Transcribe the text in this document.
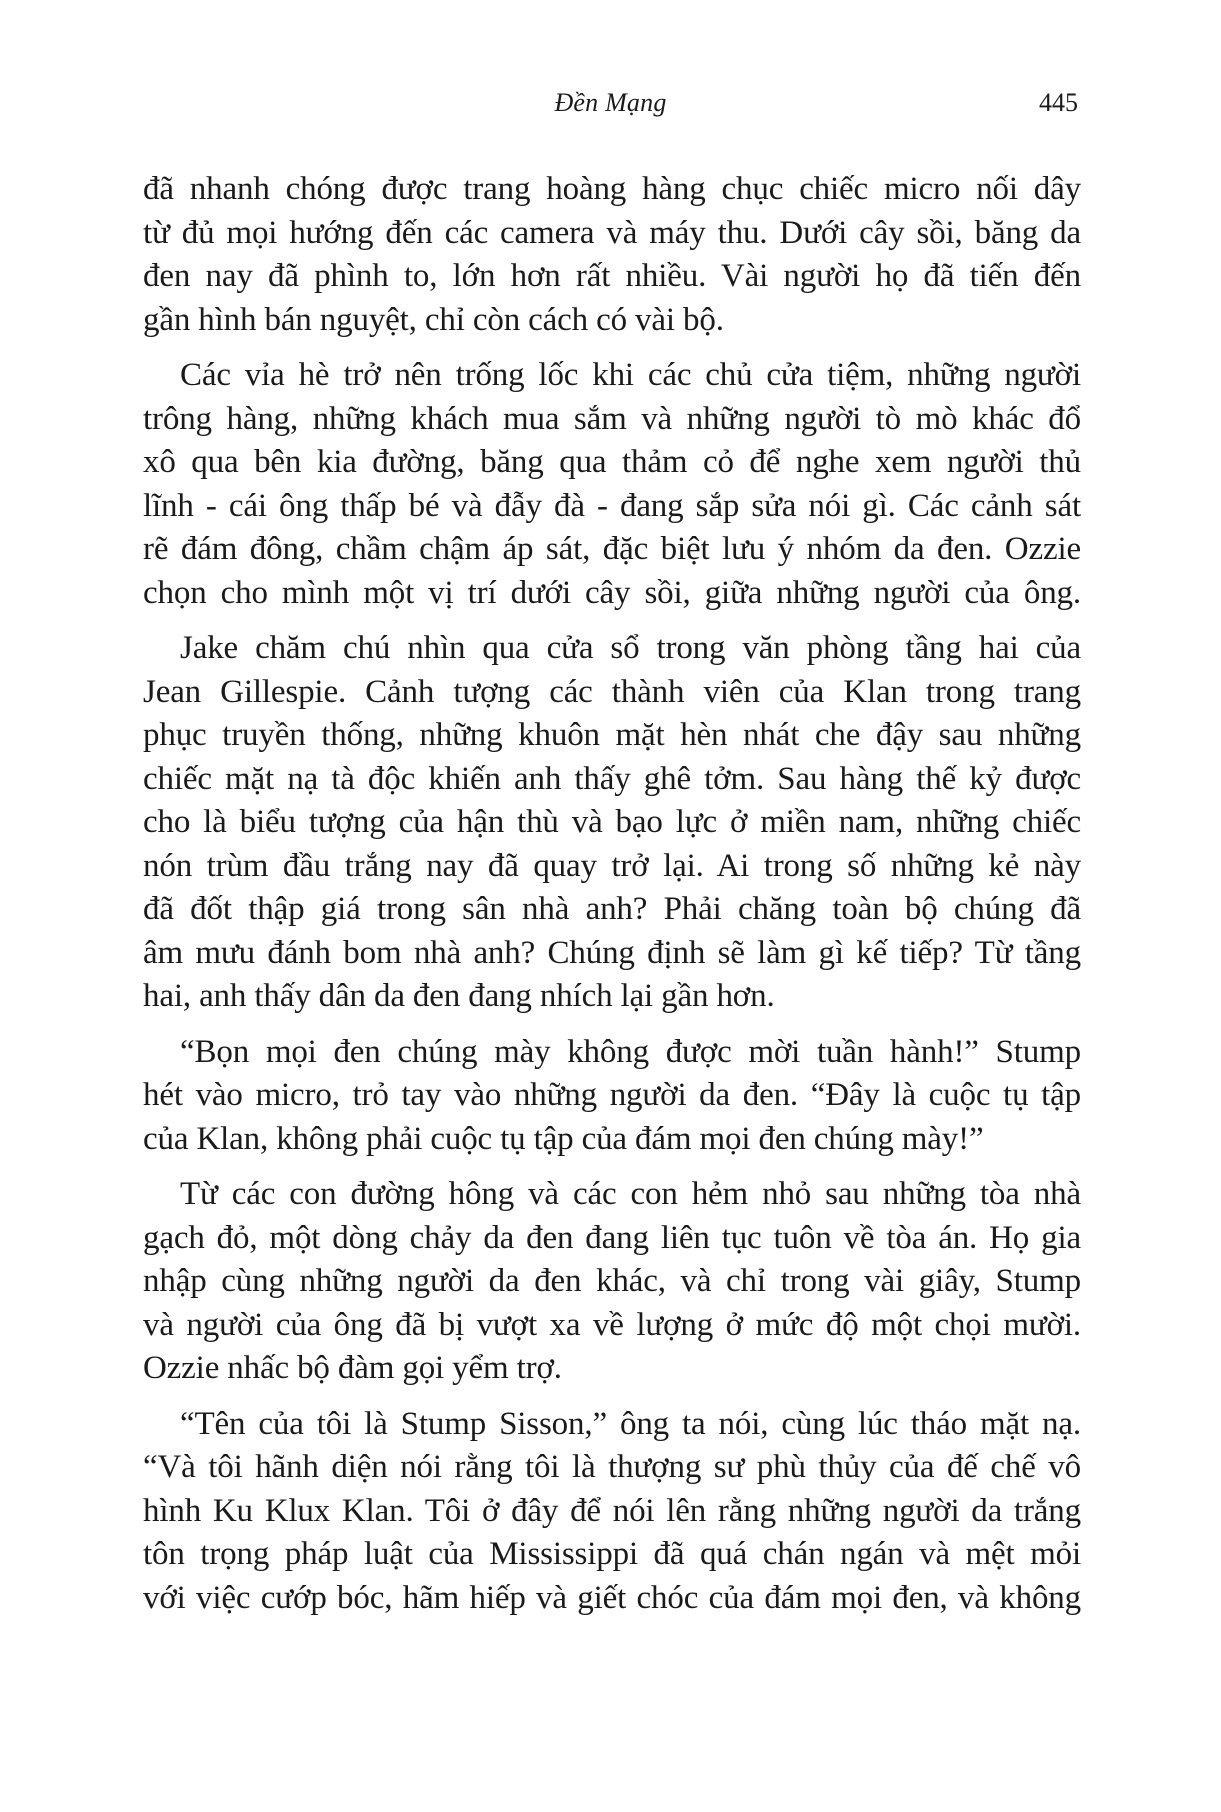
Đền Mạng	445
đã nhanh chóng được trang hoàng hàng chục chiếc micro nối dây
từ đủ mọi hướng đến các camera và máy thu. Dưới cây sồi, băng da
đen nay đã phình to, lớn hơn rất nhiều. Vài người họ đã tiến đến
gần hình bán nguyệt, chỉ còn cách có vài bộ.
Các vỉa hè trở nên trống lốc khi các chủ cửa tiệm, những người
trông hàng, những khách mua sắm và những người tò mò khác đổ
xô qua bên kia đường, băng qua thảm cỏ để nghe xem người thủ
lĩnh - cái ông thấp bé và đẫy đà - đang sắp sửa nói gì. Các cảnh sát
rẽ đám đông, chầm chậm áp sát, đặc biệt lưu ý nhóm da đen. Ozzie
chọn cho mình một vị trí dưới cây sồi, giữa những người của ông.
Jake chăm chú nhìn qua cửa sổ trong văn phòng tầng hai của
Jean Gillespie. Cảnh tượng các thành viên của Klan trong trang
phục truyền thống, những khuôn mặt hèn nhát che đậy sau những
chiếc mặt nạ tà độc khiến anh thấy ghê tởm. Sau hàng thế kỷ được
cho là biểu tượng của hận thù và bạo lực ở miền nam, những chiếc
nón trùm đầu trắng nay đã quay trở lại. Ai trong số những kẻ này
đã đốt thập giá trong sân nhà anh? Phải chăng toàn bộ chúng đã
âm mưu đánh bom nhà anh? Chúng định sẽ làm gì kế tiếp? Từ tầng
hai, anh thấy dân da đen đang nhích lại gần hơn.
“Bọn mọi đen chúng mày không được mời tuần hành!” Stump
hét vào micro, trỏ tay vào những người da đen. “Đây là cuộc tụ tập
của Klan, không phải cuộc tụ tập của đám mọi đen chúng mày!”
Từ các con đường hông và các con hẻm nhỏ sau những tòa nhà
gạch đỏ, một dòng chảy da đen đang liên tục tuôn về tòa án. Họ gia
nhập cùng những người da đen khác, và chỉ trong vài giây, Stump
và người của ông đã bị vượt xa về lượng ở mức độ một chọi mười.
Ozzie nhấc bộ đàm gọi yểm trợ.
“Tên của tôi là Stump Sisson,” ông ta nói, cùng lúc tháo mặt nạ.
“Và tôi hãnh diện nói rằng tôi là thượng sư phù thủy của đế chế vô
hình Ku Klux Klan. Tôi ở đây để nói lên rằng những người da trắng
tôn trọng pháp luật của Mississippi đã quá chán ngán và mệt mỏi
với việc cướp bóc, hãm hiếp và giết chóc của đám mọi đen, và không
